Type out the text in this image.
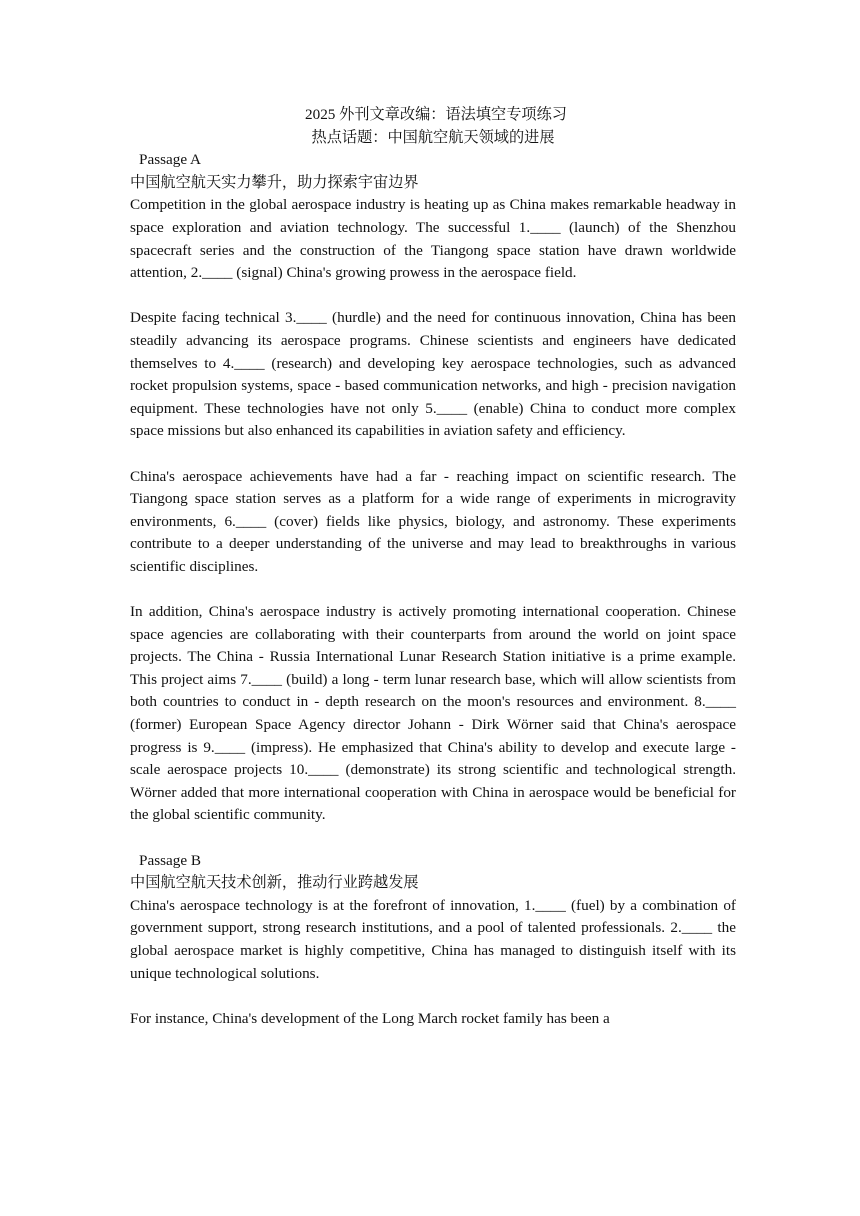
2025 外刊文章改编：语法填空专项练习

热点话题：中国航空航天领域的进展

Passage A

中国航空航天实力攀升，助力探索宇宙边界

Competition in the global aerospace industry is heating up as China makes remarkable headway in space exploration and aviation technology. The successful 1.____ (launch) of the Shenzhou spacecraft series and the construction of the Tiangong space station have drawn worldwide attention, 2.____ (signal) China's growing prowess in the aerospace field.

Despite facing technical 3.____ (hurdle) and the need for continuous innovation, China has been steadily advancing its aerospace programs. Chinese scientists and engineers have dedicated themselves to 4.____ (research) and developing key aerospace technologies, such as advanced rocket propulsion systems, space - based communication networks, and high - precision navigation equipment. These technologies have not only 5.____ (enable) China to conduct more complex space missions but also enhanced its capabilities in aviation safety and efficiency.

China's aerospace achievements have had a far - reaching impact on scientific research. The Tiangong space station serves as a platform for a wide range of experiments in microgravity environments, 6.____ (cover) fields like physics, biology, and astronomy. These experiments contribute to a deeper understanding of the universe and may lead to breakthroughs in various scientific disciplines.

In addition, China's aerospace industry is actively promoting international cooperation. Chinese space agencies are collaborating with their counterparts from around the world on joint space projects. The China - Russia International Lunar Research Station initiative is a prime example. This project aims 7.____ (build) a long - term lunar research base, which will allow scientists from both countries to conduct in - depth research on the moon's resources and environment. 8.____ (former) European Space Agency director Johann - Dirk Wörner said that China's aerospace progress is 9.____ (impress). He emphasized that China's ability to develop and execute large - scale aerospace projects 10.____ (demonstrate) its strong scientific and technological strength. Wörner added that more international cooperation with China in aerospace would be beneficial for the global scientific community.

Passage B

中国航空航天技术创新，推动行业跨越发展

China's aerospace technology is at the forefront of innovation, 1.____ (fuel) by a combination of government support, strong research institutions, and a pool of talented professionals. 2.____ the global aerospace market is highly competitive, China has managed to distinguish itself with its unique technological solutions.

For instance, China's development of the Long March rocket family has been a
